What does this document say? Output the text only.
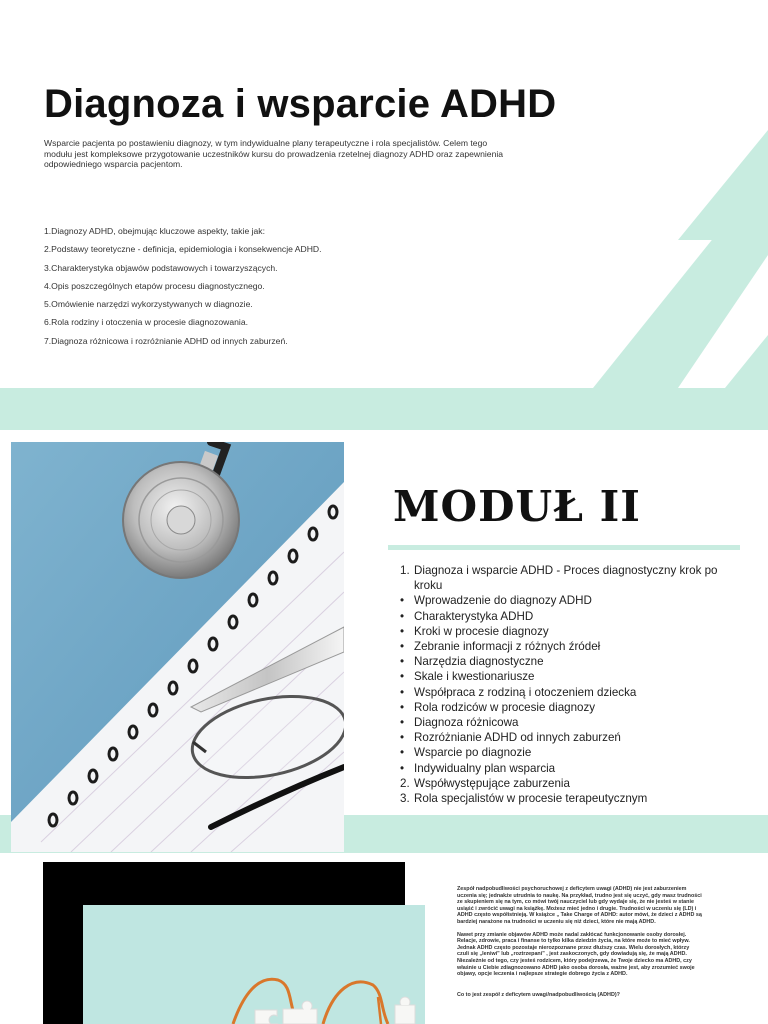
Diagnoza i wsparcie ADHD

Wsparcie pacjenta po postawieniu diagnozy, w tym indywidualne plany terapeutyczne i rola specjalistów. Celem tego modułu jest kompleksowe przygotowanie uczestników kursu do prowadzenia rzetelnej diagnozy ADHD oraz zapewnienia odpowiedniego wsparcia pacjentom.

1.Diagnozy ADHD, obejmując kluczowe aspekty, takie jak:
2.Podstawy teoretyczne - definicja, epidemiologia i konsekwencje ADHD.
3.Charakterystyka objawów podstawowych i towarzyszących.
4.Opis poszczególnych etapów procesu diagnostycznego.
5.Omówienie narzędzi wykorzystywanych w diagnozie.
6.Rola rodziny i otoczenia w procesie diagnozowania.
7.Diagnoza różnicowa i rozróżnianie ADHD od innych zaburzeń.
MODUŁ II
1. Diagnoza i wsparcie ADHD - Proces diagnostyczny krok po kroku
• Wprowadzenie do diagnozy ADHD
• Charakterystyka ADHD
• Kroki w procesie diagnozy
• Zebranie informacji z różnych źródeł
• Narzędzia diagnostyczne
• Skale i kwestionariusze
• Współpraca z rodziną i otoczeniem dziecka
• Rola rodziców w procesie diagnozy
• Diagnoza różnicowa
• Rozróżnianie ADHD od innych zaburzeń
• Wsparcie po diagnozie
• Indywidualny plan wsparcia
2. Współwystępujące zaburzenia
3. Rola specjalistów w procesie terapeutycznym

Zespół nadpobudliwości psychoruchowej z deficytem uwagi (ADHD) nie jest zaburzeniem uczenia się; jednakże utrudnia to naukę. Na przykład, trudno jest się uczyć, gdy masz trudności ze skupieniem się na tym, co mówi twój nauczyciel lub gdy wydaje się, że nie jesteś w stanie usiąść i zwrócić uwagi na książkę. Możesz mieć jedno i drugie. Trudności w uczeniu się (LD) i ADHD często współistnieją. W książce „ Take Charge of ADHD: autor mówi, że dzieci z ADHD są bardziej narażone na trudności w uczeniu się niż dzieci, które nie mają ADHD.

Nawet przy zmianie objawów ADHD może nadal zakłócać funkcjonowanie osoby dorosłej. Relacje, zdrowie, praca i finanse to tylko kilka dziedzin życia, na które może to mieć wpływ. Jednak ADHD często pozostaje nierozpoznane przez dłuższy czas. Wielu dorosłych, którzy czuli się „leniwi" lub „roztrzepani" , jest zaskoczonych, gdy dowiadują się, że mają ADHD. Niezależnie od tego, czy jesteś rodzicem, który podejrzewa, że Twoje dziecko ma ADHD, czy właśnie u Ciebie zdiagnozowano ADHD jako osoba dorosła, ważne jest, aby zrozumieć swoje objawy, opcje leczenia i najlepsze strategie dobrego życia z ADHD.

Co to jest zespół z deficytem uwagi/nadpobudliwością (ADHD)?
